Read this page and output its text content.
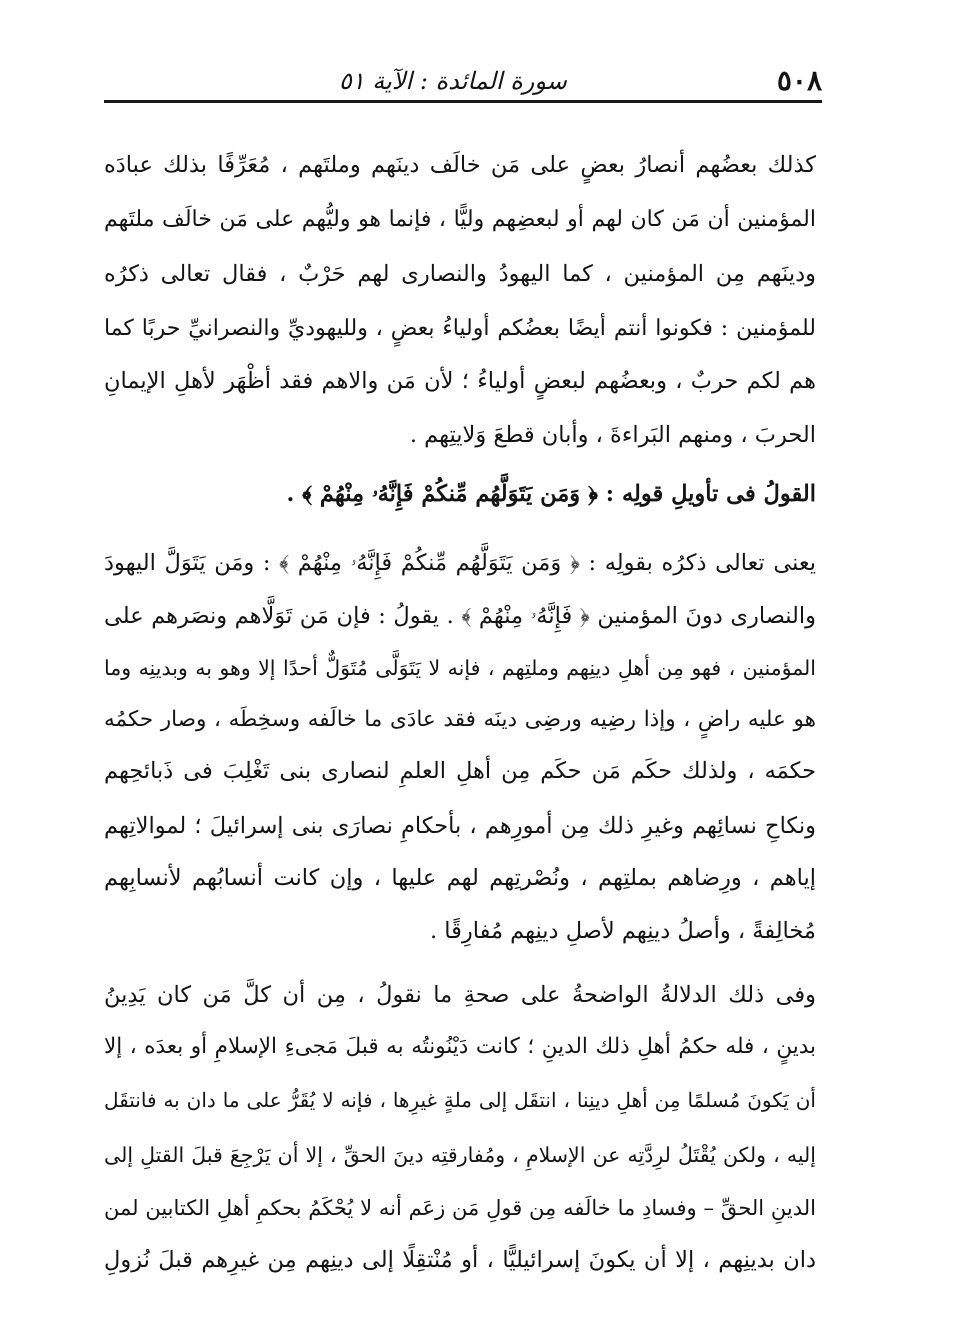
٥٠٨
سورة المائدة : الآية ٥١
كذلك بعضُهم أنصارُ بعضٍ على مَن خالَف دينَهم وملتَهم ، مُعَرِّفًا بذلك عبادَه
المؤمنين أن مَن كان لهم أو لبعضِهم وليًّا ، فإنما هو وليُّهم على مَن خالَف ملتَهم
ودينَهم مِن المؤمنين ، كما اليهودُ والنصارى لهم حَرْبٌ ، فقال تعالى ذكرُه
للمؤمنين : فكونوا أنتم أيضًا بعضُكم أولياءُ بعضٍ ، ولليهوديِّ والنصرانيِّ حربًا كما
هم لكم حربٌ ، وبعضُهم لبعضٍ أولياءُ ؛ لأن مَن والاهم فقد أظْهَر لأهلِ الإيمانِ
الحربَ ، ومنهم البَراءةَ ، وأبان قطعَ وَلايتِهم .
القولُ فى تأويلِ قولِه : ﴿ وَمَن يَتَوَلَّهُم مِّنكُمْ فَإِنَّهُۥ مِنْهُمْ ﴾ .
يعنى تعالى ذكرُه بقولِه : ﴿ وَمَن يَتَوَلَّهُم مِّنكُمْ فَإِنَّهُۥ مِنْهُمْ ﴾ : ومَن يَتَوَلَّ اليهودَ
والنصارى دونَ المؤمنين ﴿ فَإِنَّهُۥ مِنْهُمْ ﴾ . يقولُ : فإن مَن تَوَلَّاهم ونصَرهم على
المؤمنين ، فهو مِن أهلِ دينِهم وملتِهم ، فإنه لا يَتَوَلَّى مُتَوَلٌّ أحدًا إلا وهو به وبدينِه وما
هو عليه راضٍ ، وإذا رضِيه ورضِى دينَه فقد عادَى ما خالَفه وسخِطَه ، وصار حكمُه
حكمَه ، ولذلك حكَم مَن حكَم مِن أهلِ العلمِ لنصارى بنى تَغْلِبَ فى ذَبائحِهم
ونكاحِ نسائِهم وغيرِ ذلك مِن أمورِهم ، بأحكامِ نصارَى بنى إسرائيلَ ؛ لموالاتِهم
إياهم ، ورِضاهم بملتِهم ، ونُصْرتِهم لهم عليها ، وإن كانت أنسابُهم لأنسابِهم
مُخالِفةً ، وأصلُ دينِهم لأصلِ دينِهم مُفارِقًا .
وفى ذلك الدلالةُ الواضحةُ على صحةِ ما نقولُ ، مِن أن كلَّ مَن كان يَدِينُ
بدينٍ ، فله حكمُ أهلِ ذلك الدينِ ؛ كانت دَيْنُونتُه به قبلَ مَجىءِ الإسلامِ أو بعدَه ، إلا
أن يَكونَ مُسلمًا مِن أهلِ دينِنا ، انتقَل إلى ملةٍ غيرِها ، فإنه لا يُقَرُّ على ما دان به فانتقَل
إليه ، ولكن يُقْتَلُ لرِدَّتِه عن الإسلامِ ، ومُفارقتِه دينَ الحقِّ ، إلا أن يَرْجِعَ قبلَ القتلِ إلى
الدينِ الحقِّ – وفسادِ ما خالَفه مِن قولِ مَن زعَم أنه لا يُحْكَمُ بحكمِ أهلِ الكتابين لمن
دان بدينِهم ، إلا أن يكونَ إسرائيليًّا ، أو مُنْتقِلًا إلى دينِهم مِن غيرِهم قبلَ نُزولِ
